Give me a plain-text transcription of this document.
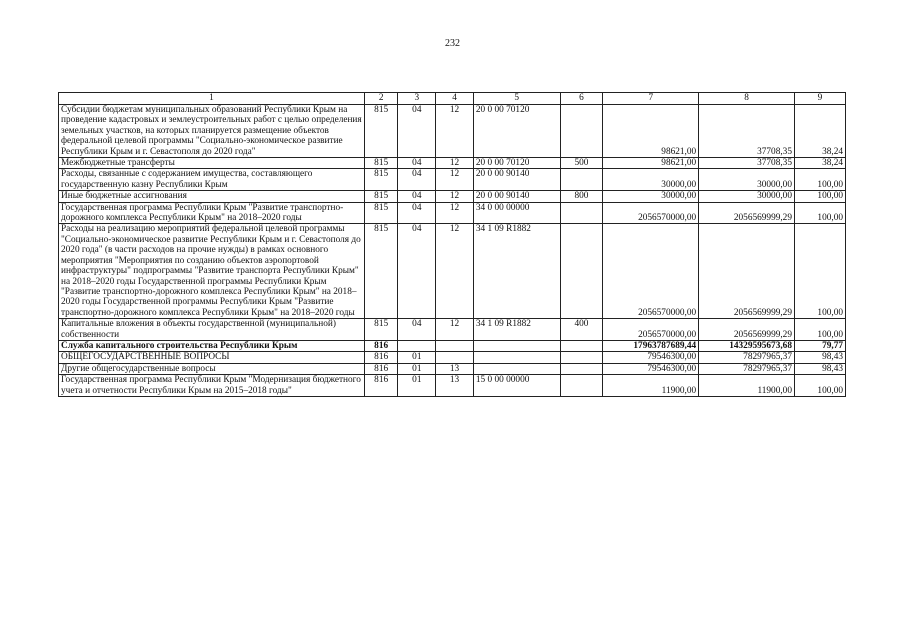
232
1	2	3	4	5	6	7	8	9
Субсидии бюджетам муниципальных образований Республики Крым на проведение кадастровых и землеустроительных работ с целью определения земельных участков, на которых планируется размещение объектов федеральной целевой программы "Социально-экономическое развитие Республики Крым и г. Севастополя до 2020 года"	815	04	12	20 0 00 70120		98621,00	37708,35	38,24
Межбюджетные трансферты	815	04	12	20 0 00 70120	500	98621,00	37708,35	38,24
Расходы, связанные с содержанием имущества, составляющего государственную казну Республики Крым	815	04	12	20 0 00 90140		30000,00	30000,00	100,00
Иные бюджетные ассигнования	815	04	12	20 0 00 90140	800	30000,00	30000,00	100,00
Государственная программа Республики Крым "Развитие транспортно-дорожного комплекса Республики Крым" на 2018–2020 годы	815	04	12	34 0 00 00000		2056570000,00	2056569999,29	100,00
Расходы на реализацию мероприятий федеральной целевой программы "Социально-экономическое развитие Республики Крым и г. Севастополя до 2020 года" (в части расходов на прочие нужды) в рамках основного мероприятия "Мероприятия по созданию объектов аэропортовой инфраструктуры" подпрограммы "Развитие транспорта Республики Крым" на 2018–2020 годы Государственной программы Республики Крым "Развитие транспортно-дорожного комплекса Республики Крым" на 2018–2020 годы Государственной программы Республики Крым "Развитие транспортно-дорожного комплекса Республики Крым" на 2018–2020 годы	815	04	12	34 1 09 R1882		2056570000,00	2056569999,29	100,00
Капитальные вложения в объекты государственной (муниципальной) собственности	815	04	12	34 1 09 R1882	400	2056570000,00	2056569999,29	100,00
Служба капитального строительства Республики Крым	816					17963787689,44	14329595673,68	79,77
ОБЩЕГОСУДАРСТВЕННЫЕ ВОПРОСЫ	816	01				79546300,00	78297965,37	98,43
Другие общегосударственные вопросы	816	01	13			79546300,00	78297965,37	98,43
Государственная программа Республики Крым "Модернизация бюджетного учета и отчетности Республики Крым на 2015–2018 годы"	816	01	13	15 0 00 00000		11900,00	11900,00	100,00
